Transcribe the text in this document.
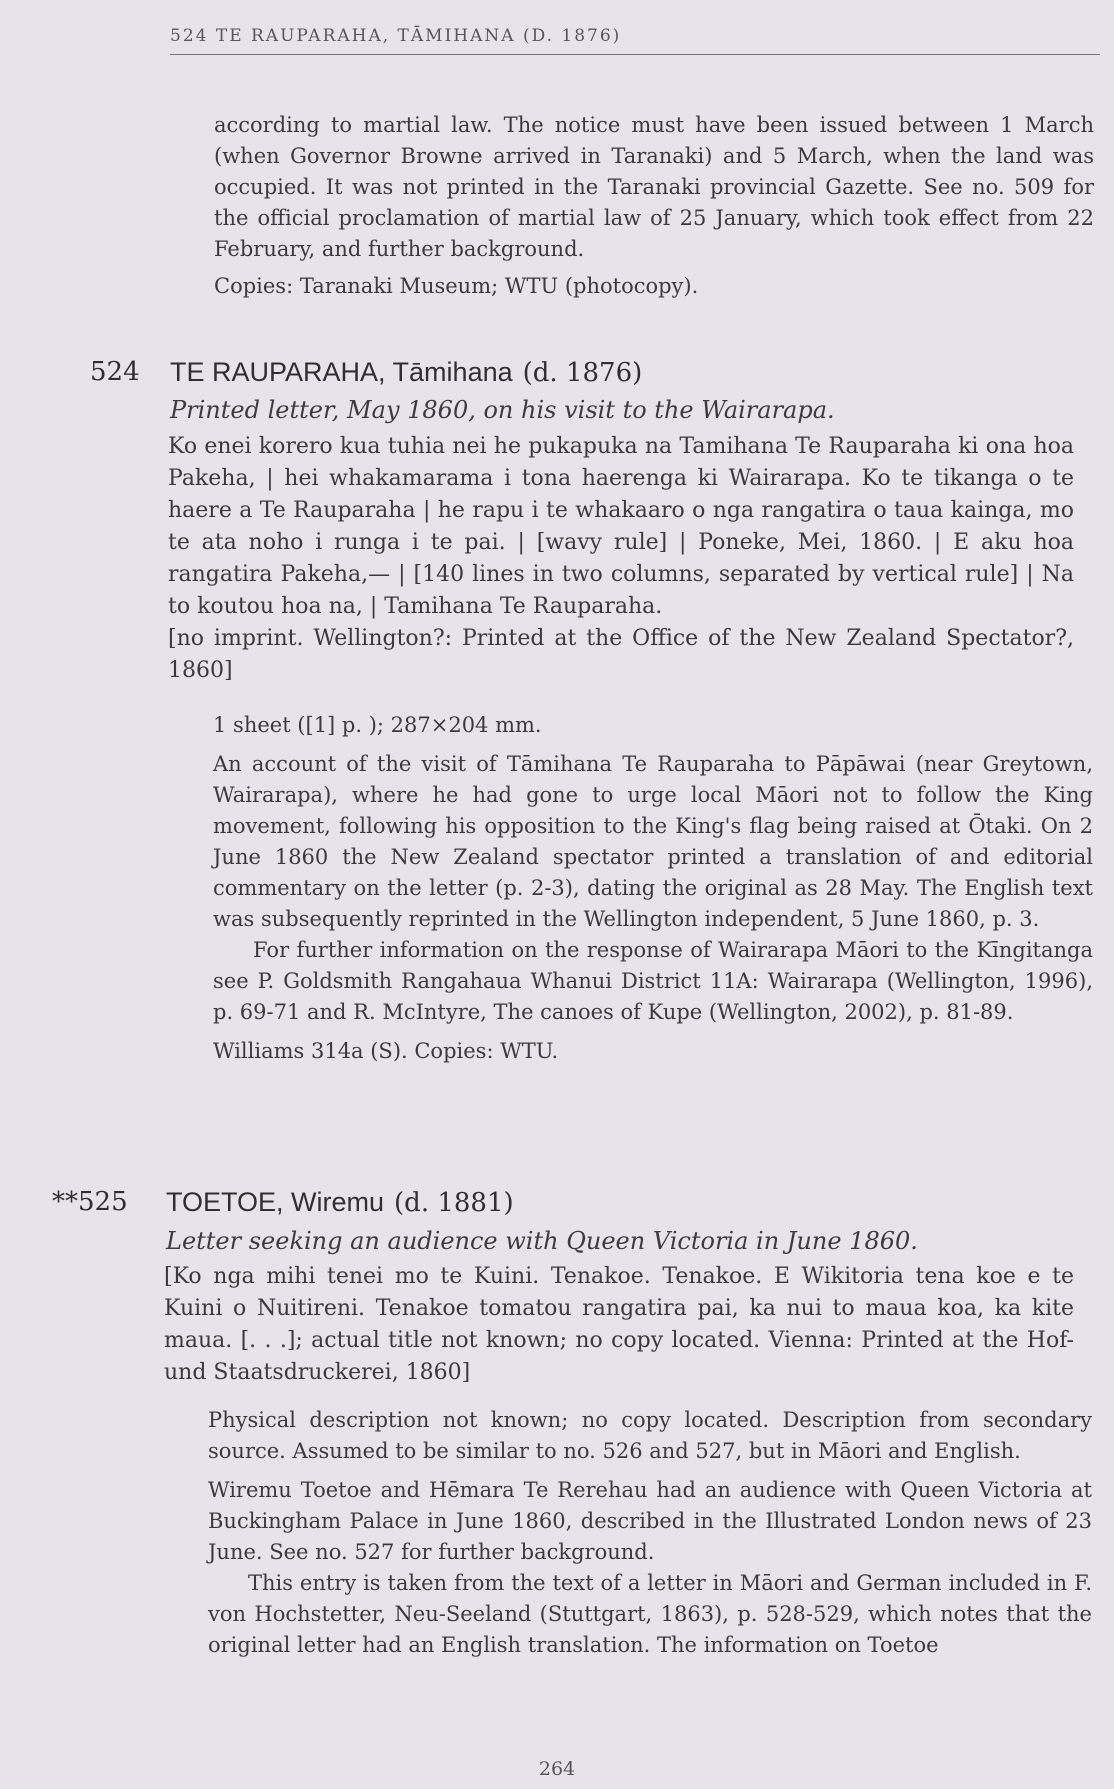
524 TE RAUPARAHA, TĀMIHANA (D. 1876)

according to martial law. The notice must have been issued between 1 March (when Governor Browne arrived in Taranaki) and 5 March, when the land was occupied. It was not printed in the Taranaki provincial Gazette. See no. 509 for the official proclamation of martial law of 25 January, which took effect from 22 February, and further background.

Copies: Taranaki Museum; WTU (photocopy).

524 TE RAUPARAHA, Tāmihana (d. 1876)
Printed letter, May 1860, on his visit to the Wairarapa.

Ko enei korero kua tuhia nei he pukapuka na Tamihana Te Rauparaha ki ona hoa Pakeha, | hei whakamarama i tona haerenga ki Wairarapa. Ko te tikanga o te haere a Te Rauparaha | he rapu i te whakaaro o nga rangatira o taua kainga, mo te ata noho i runga i te pai. | [wavy rule] | Poneke, Mei, 1860. | E aku hoa rangatira Pakeha,— | [140 lines in two columns, separated by vertical rule] | Na to koutou hoa na, | Tamihana Te Rauparaha.

[no imprint. Wellington?: Printed at the Office of the New Zealand Spectator?, 1860]

1 sheet ([1] p. ); 287×204 mm.

An account of the visit of Tāmihana Te Rauparaha to Pāpāwai (near Greytown, Wairarapa), where he had gone to urge local Māori not to follow the King movement, following his opposition to the King's flag being raised at Ōtaki. On 2 June 1860 the New Zealand spectator printed a translation of and editorial commentary on the letter (p. 2-3), dating the original as 28 May. The English text was subsequently reprinted in the Wellington independent, 5 June 1860, p. 3.

For further information on the response of Wairarapa Māori to the Kīngitanga see P. Goldsmith Rangahaua Whanui District 11A: Wairarapa (Wellington, 1996), p. 69-71 and R. McIntyre, The canoes of Kupe (Wellington, 2002), p. 81-89.

Williams 314a (S). Copies: WTU.

**525 TOETOE, Wiremu (d. 1881)
Letter seeking an audience with Queen Victoria in June 1860.

[Ko nga mihi tenei mo te Kuini. Tenakoe. Tenakoe. E Wikitoria tena koe e te Kuini o Nuitireni. Tenakoe tomatou rangatira pai, ka nui to maua koa, ka kite maua. [. . .]; actual title not known; no copy located. Vienna: Printed at the Hof- und Staatsdruckerei, 1860]

Physical description not known; no copy located. Description from secondary source. Assumed to be similar to no. 526 and 527, but in Māori and English.

Wiremu Toetoe and Hēmara Te Rerehau had an audience with Queen Victoria at Buckingham Palace in June 1860, described in the Illustrated London news of 23 June. See no. 527 for further background.

This entry is taken from the text of a letter in Māori and German included in F. von Hochstetter, Neu-Seeland (Stuttgart, 1863), p. 528-529, which notes that the original letter had an English translation. The information on Toetoe

264
